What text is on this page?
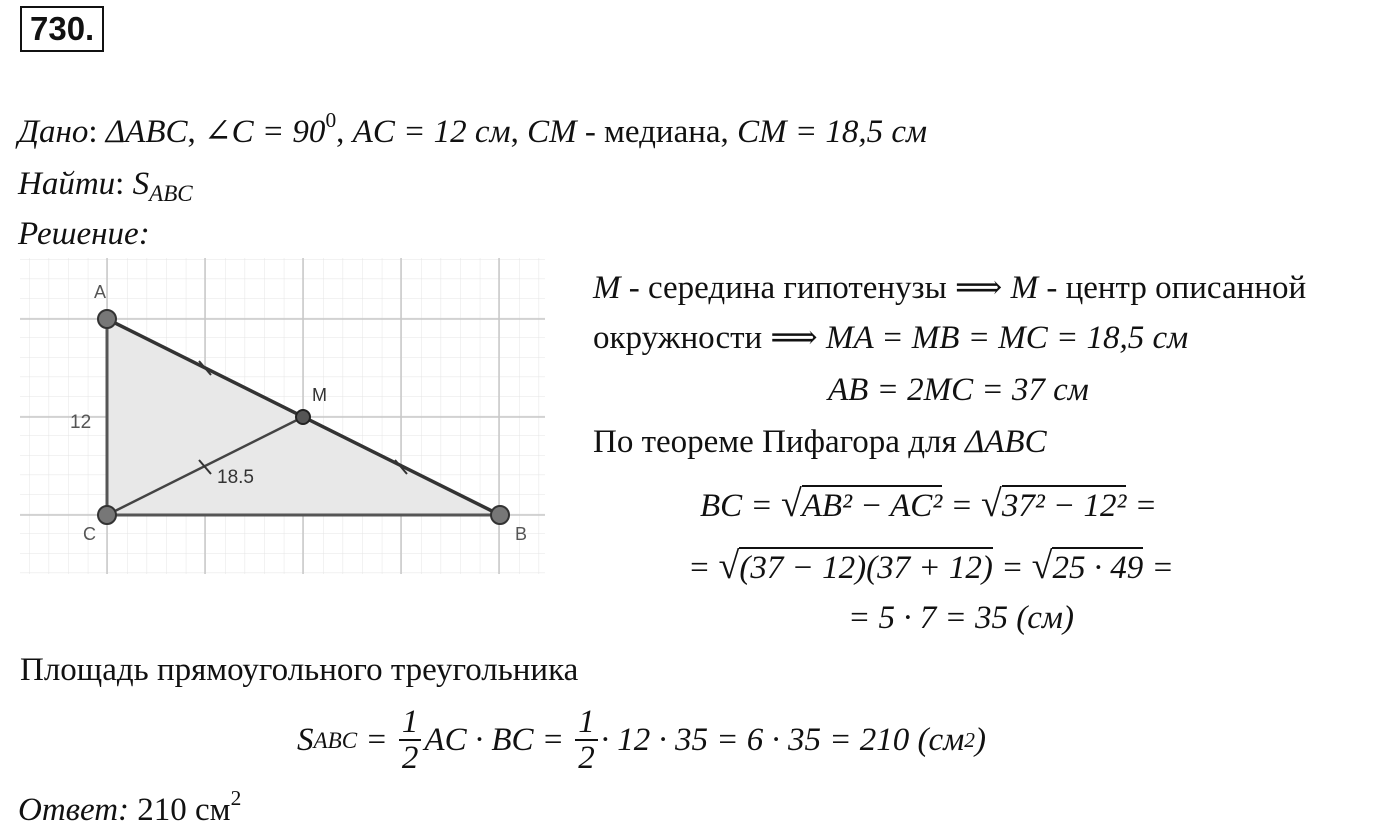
730.
Дано: ΔABC, ∠C = $90^0$, AC = 12 см, CM - медиана, CM = 18,5 см
Найти: $S_{ABC}$
Решение:
A
C	B
M
12
18.5
M - середина гипотенузы ⟹ M - центр описанной
окружности ⟹ MA = MB = MC = 18,5 см
AB = 2MC = 37 см
По теореме Пифагора для ΔABC
BC = √AB² − AC² = √37² − 12² =
= √(37 − 12)(37 + 12) = √25 · 49 =
= 5 · 7 = 35 (см)
Площадь прямоугольного треугольника
S ABC = $\frac{1}{2}$ AC · BC = $\frac{1}{2} \cdot 12 \cdot 35 = 6 \cdot 35 = 210$ (см 2 )
Ответ: 210 $см^2$
